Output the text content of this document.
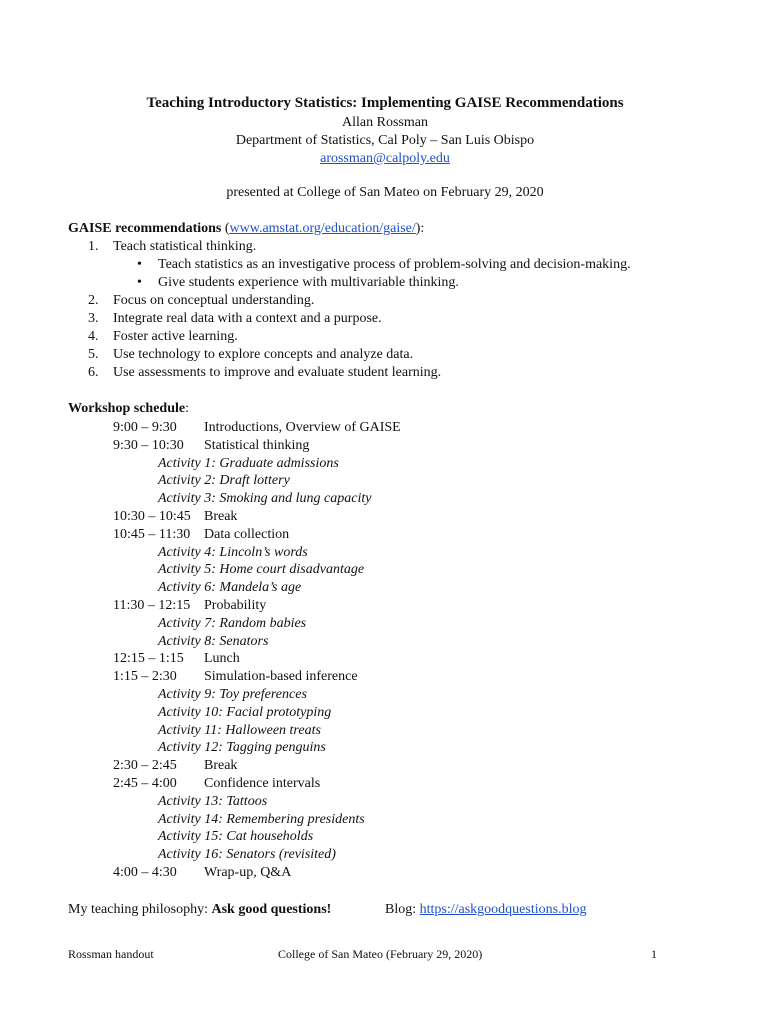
Teaching Introductory Statistics: Implementing GAISE Recommendations
Allan Rossman
Department of Statistics, Cal Poly – San Luis Obispo
arossman@calpoly.edu
presented at College of San Mateo on February 29, 2020
GAISE recommendations (www.amstat.org/education/gaise/):
1. Teach statistical thinking.
• Teach statistics as an investigative process of problem-solving and decision-making.
• Give students experience with multivariable thinking.
2. Focus on conceptual understanding.
3. Integrate real data with a context and a purpose.
4. Foster active learning.
5. Use technology to explore concepts and analyze data.
6. Use assessments to improve and evaluate student learning.
Workshop schedule:
9:00 – 9:30 Introductions, Overview of GAISE
9:30 – 10:30 Statistical thinking
Activity 1: Graduate admissions
Activity 2: Draft lottery
Activity 3: Smoking and lung capacity
10:30 – 10:45 Break
10:45 – 11:30 Data collection
Activity 4: Lincoln’s words
Activity 5: Home court disadvantage
Activity 6: Mandela’s age
11:30 – 12:15 Probability
Activity 7: Random babies
Activity 8: Senators
12:15 – 1:15 Lunch
1:15 – 2:30 Simulation-based inference
Activity 9: Toy preferences
Activity 10: Facial prototyping
Activity 11: Halloween treats
Activity 12: Tagging penguins
2:30 – 2:45 Break
2:45 – 4:00 Confidence intervals
Activity 13: Tattoos
Activity 14: Remembering presidents
Activity 15: Cat households
Activity 16: Senators (revisited)
4:00 – 4:30 Wrap-up, Q&A
My teaching philosophy: Ask good questions!	Blog: https://askgoodquestions.blog
Rossman handout	College of San Mateo (February 29, 2020)	1
